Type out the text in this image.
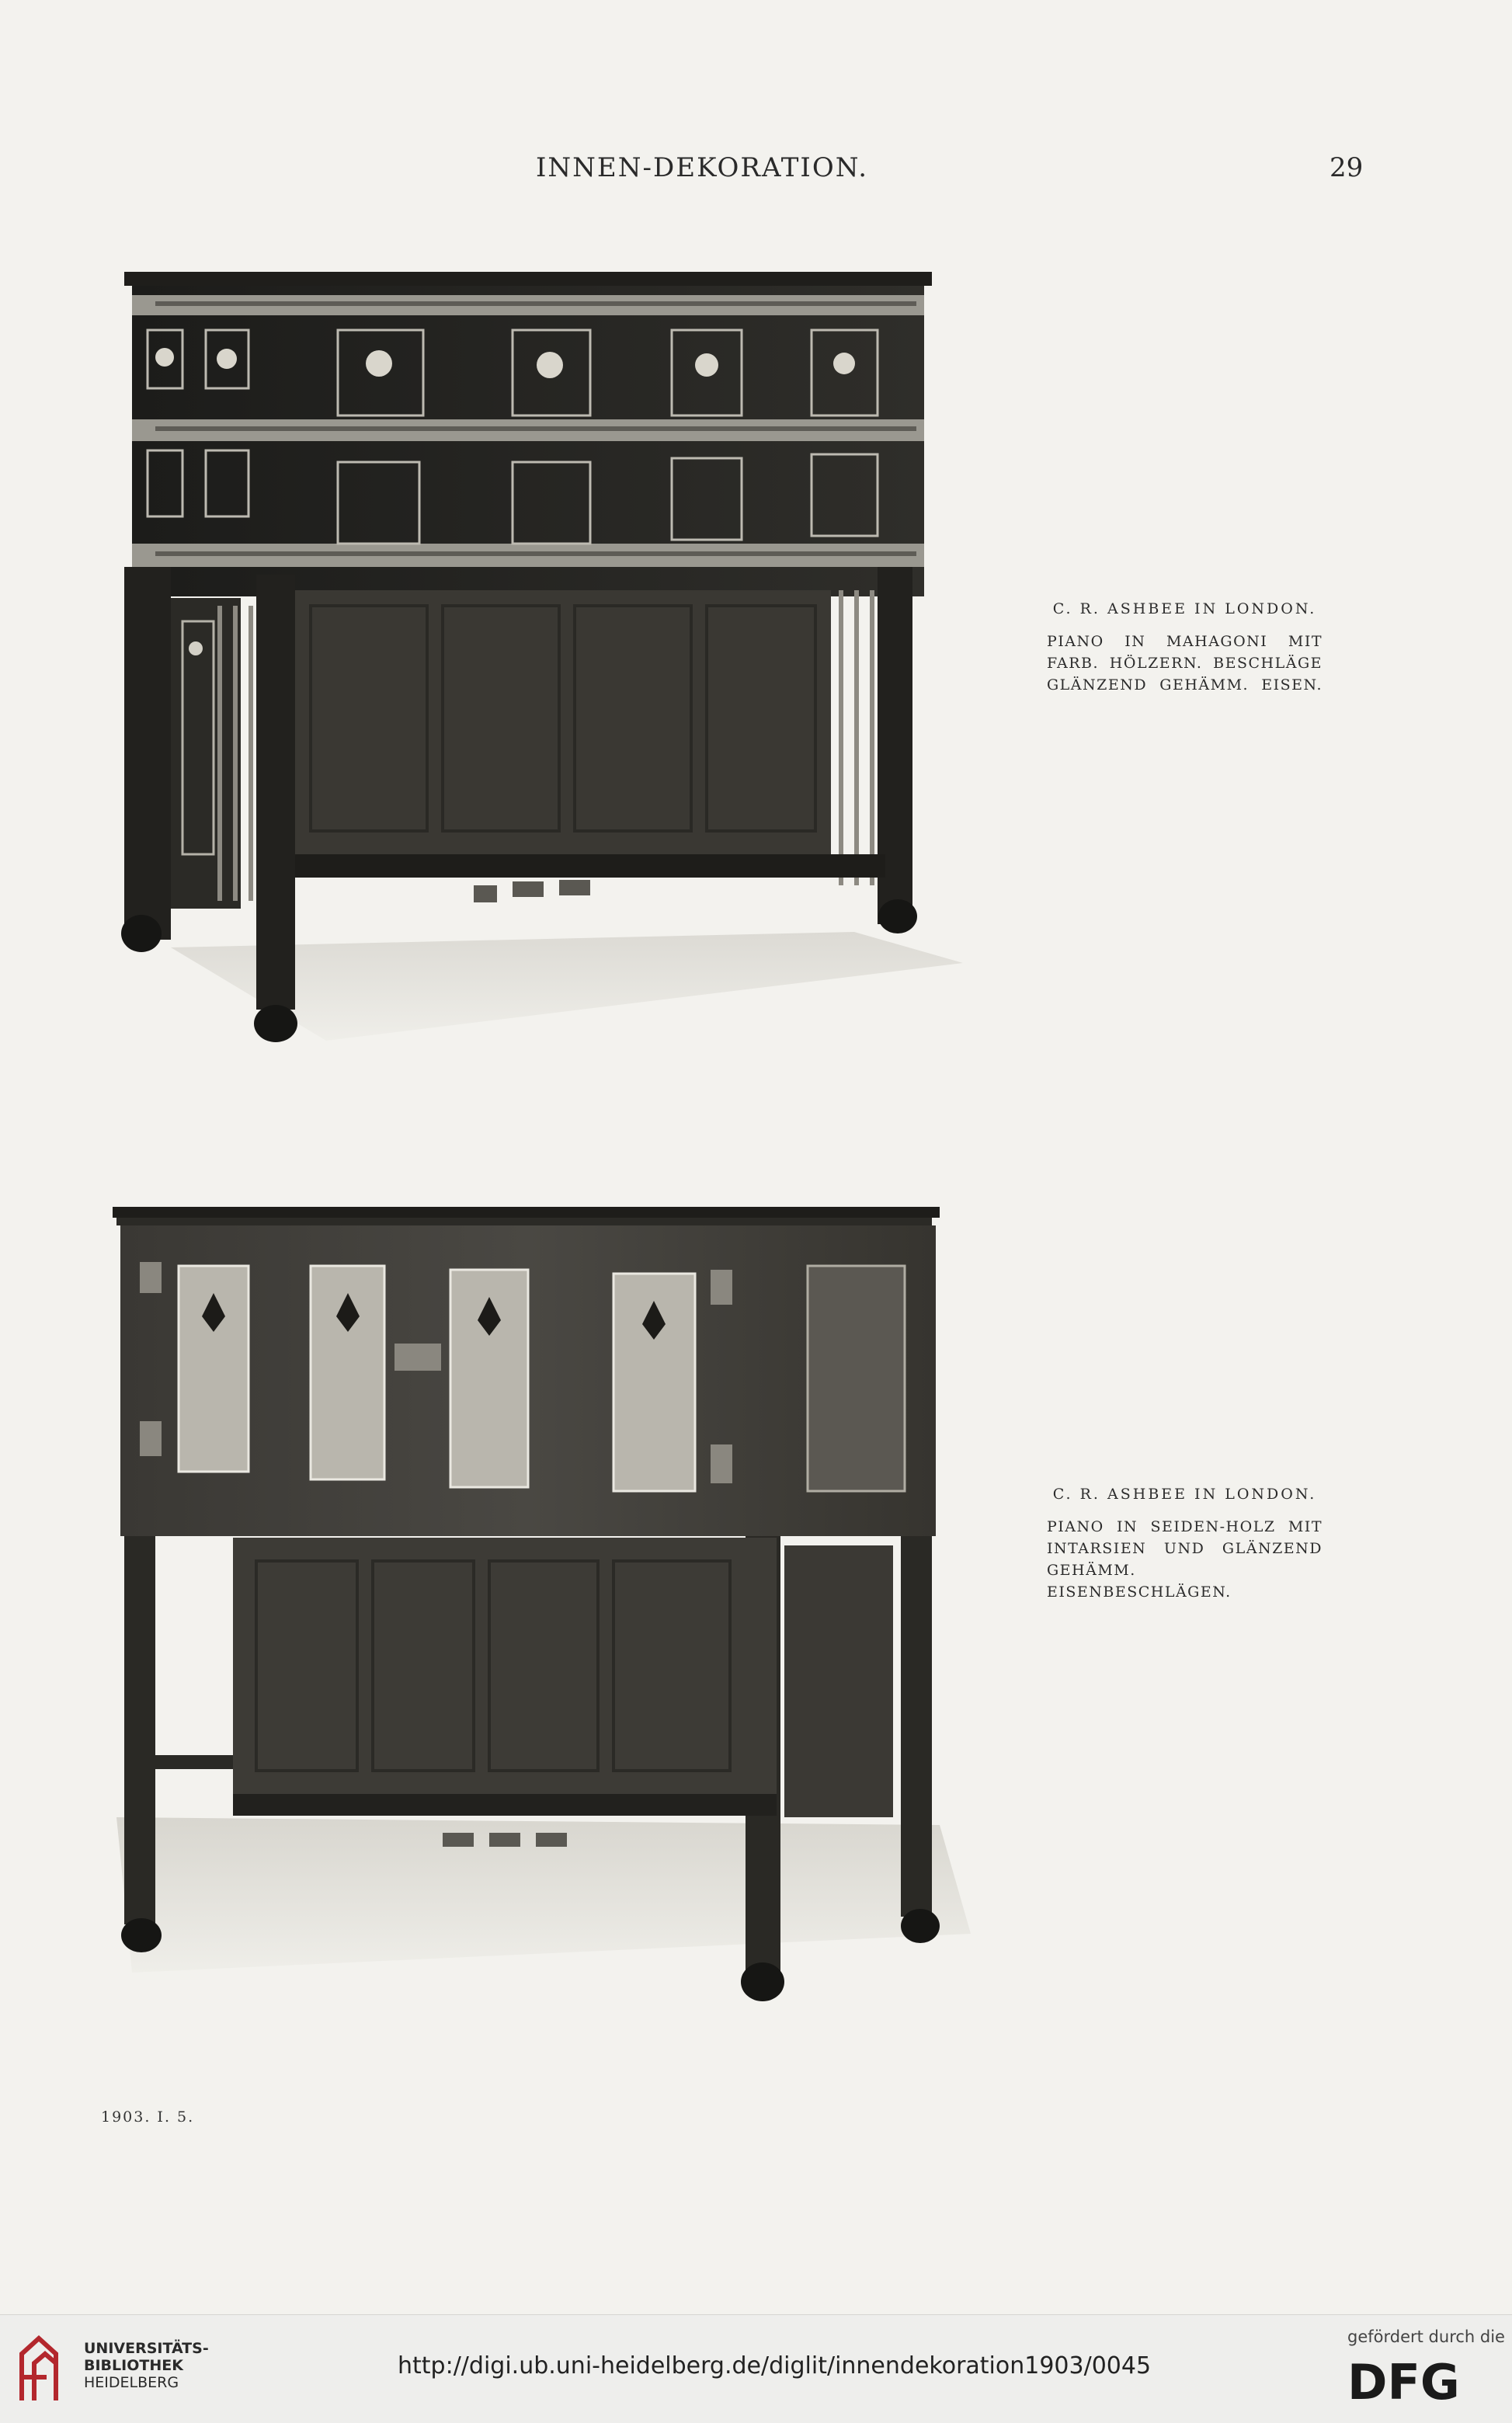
INNEN-DEKORATION.	29
C. R. ASHBEE IN LONDON.
PIANO IN MAHAGONI MIT
FARB. HÖLZERN. BESCHLÄGE
GLÄNZEND GEHÄMM. EISEN.
C. R. ASHBEE IN LONDON.
PIANO IN SEIDEN-HOLZ MIT
INTARSIEN UND GLÄNZEND
GEHÄMM. EISENBESCHLÄGEN.
1903. I. 5.
UNIVERSITÄTS-
BIBLIOTHEK
HEIDELBERG
http://digi.ub.uni-heidelberg.de/diglit/innendekoration1903/0045
gefördert durch die
DFG
